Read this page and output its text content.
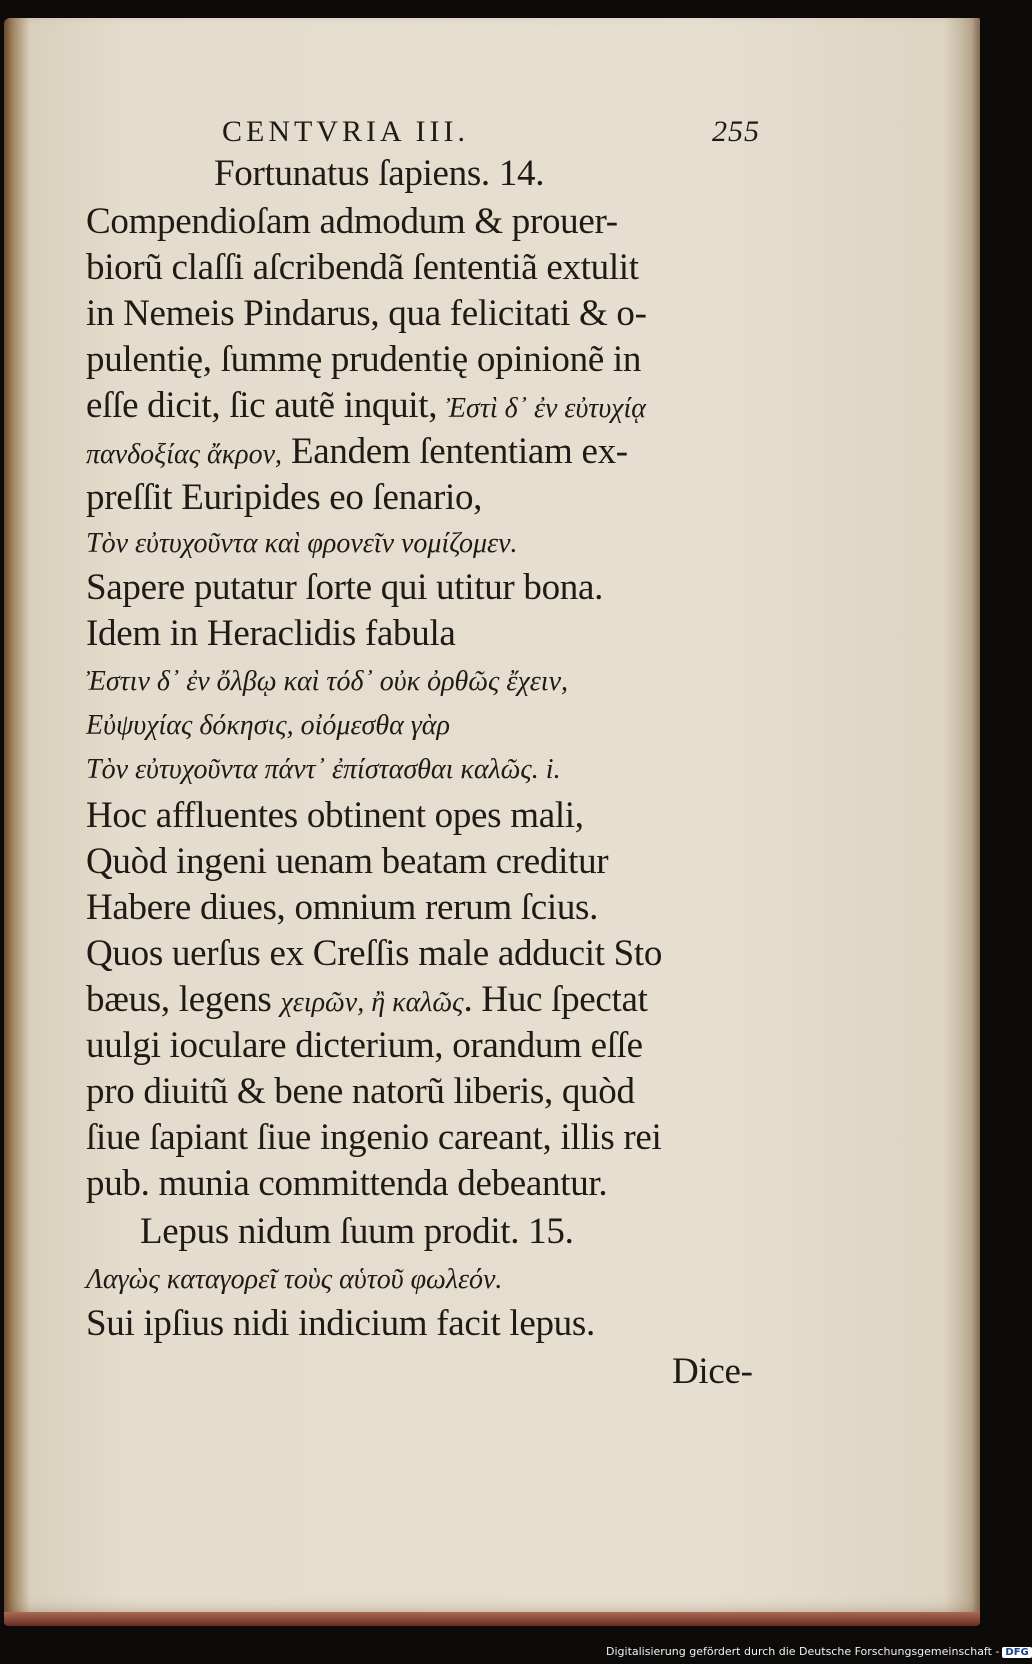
CENTVRIA III.	255

Fortunatus ſapiens. 14.

Compendioſam admodum & prouer-

biorũ claſſi aſcribendã ſententiã extulit

in Nemeis Pindarus, qua felicitati & o-

pulentię, ſummę prudentię opinionẽ in

eſſe dicit, ſic autẽ inquit, Ἐστὶ δ᾽ ἐν εὐτυχίᾳ

πανδοξίας ἄκρον, Eandem ſententiam ex-

preſſit Euripides eo ſenario,

Τὸν εὐτυχοῦντα καὶ φρονεῖν νομίζομεν.

Sapere putatur ſorte qui utitur bona.

Idem in Heraclidis fabula

Ἐστιν δ᾽ ἐν ὄλβῳ καὶ τόδ᾽ οὐκ ὀρθῶς ἔχειν,

Εὐψυχίας δόκησις, οἰόμεσθα γὰρ

Τὸν εὐτυχοῦντα πάντ᾽ ἐπίστασθαι καλῶς. i.

Hoc affluentes obtinent opes mali,

Quòd ingeni uenam beatam creditur

Habere diues, omnium rerum ſcius.

Quos uerſus ex Creſſis male adducit Sto

bæus, legens χειρῶν, ἢ καλῶς. Huc ſpectat

uulgi ioculare dicterium, orandum eſſe

pro diuitũ & bene natorũ liberis, quòd

ſiue ſapiant ſiue ingenio careant, illis rei

pub. munia committenda debeantur.

Lepus nidum ſuum prodit. 15.

Λαγὼς καταγορεῖ τοὺς αὑτοῦ φωλεόν.

Sui ipſius nidi indicium facit lepus.

Dice-

Digitalisierung gefördert durch die Deutsche Forschungsgemeinschaft - DFG
